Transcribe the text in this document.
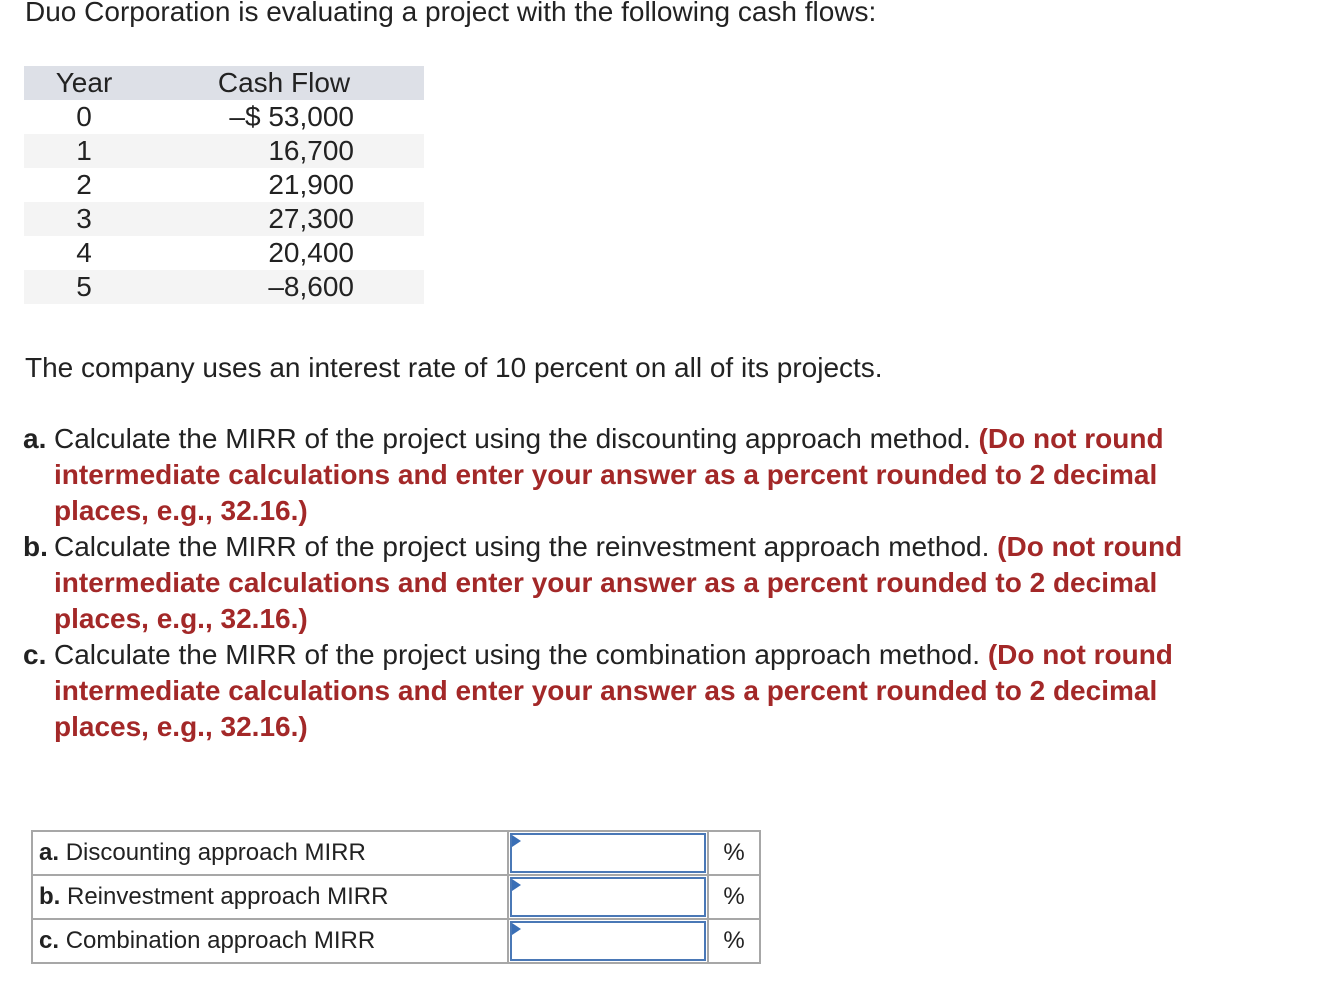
Duo Corporation is evaluating a project with the following cash flows:

Year	Cash Flow
0	–$ 53,000
1	16,700
2	21,900
3	27,300
4	20,400
5	–8,600

The company uses an interest rate of 10 percent on all of its projects.

a. Calculate the MIRR of the project using the discounting approach method. (Do not round intermediate calculations and enter your answer as a percent rounded to 2 decimal places, e.g., 32.16.)
b. Calculate the MIRR of the project using the reinvestment approach method. (Do not round intermediate calculations and enter your answer as a percent rounded to 2 decimal places, e.g., 32.16.)
c. Calculate the MIRR of the project using the combination approach method. (Do not round intermediate calculations and enter your answer as a percent rounded to 2 decimal places, e.g., 32.16.)
a. Discounting approach MIRR		%
b. Reinvestment approach MIRR		%
c. Combination approach MIRR		%
